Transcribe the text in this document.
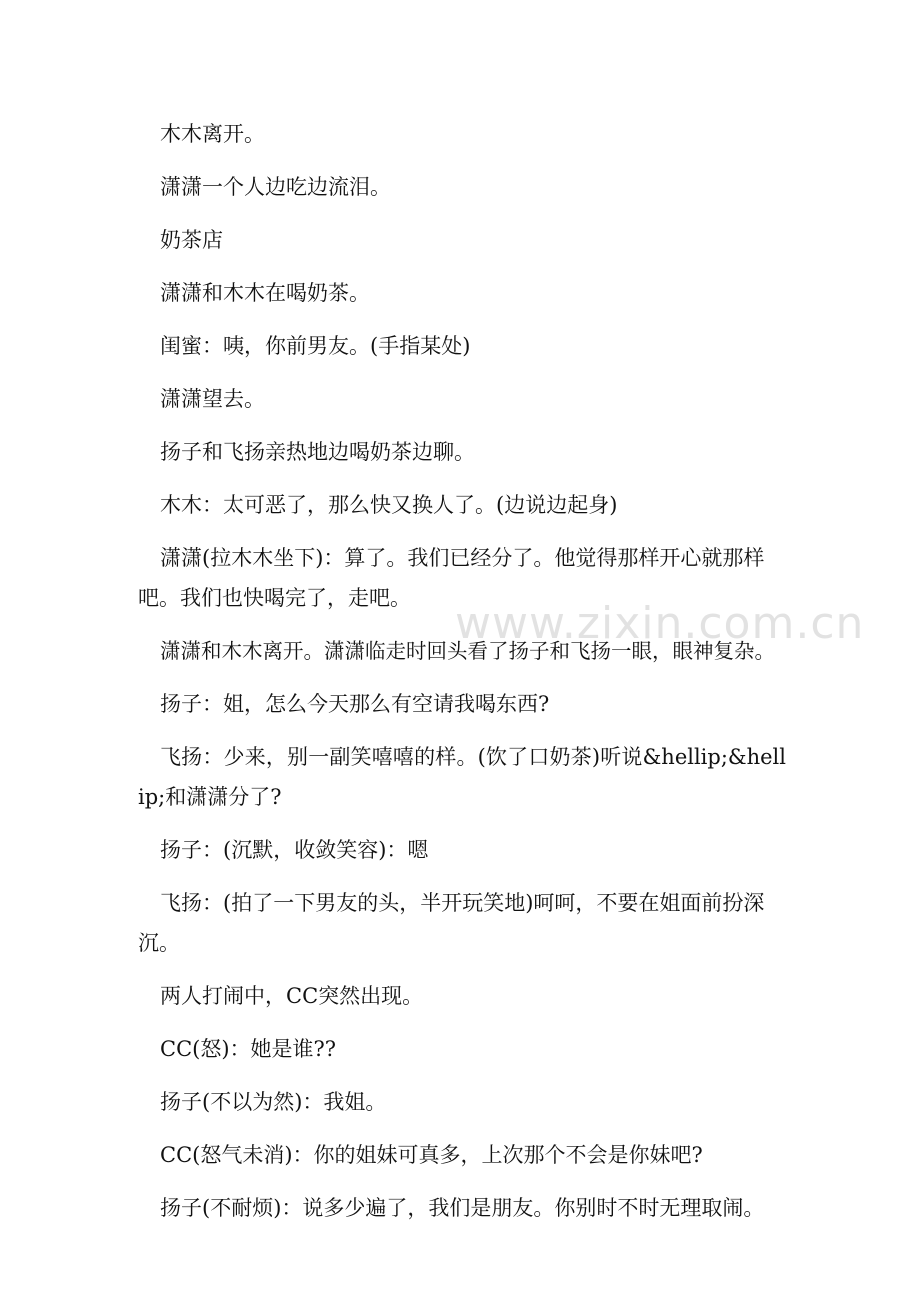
木木离开。

潇潇一个人边吃边流泪。

奶茶店

潇潇和木木在喝奶茶。

闺蜜：咦，你前男友。(手指某处)

潇潇望去。

扬子和飞扬亲热地边喝奶茶边聊。

木木：太可恶了，那么快又换人了。(边说边起身)

潇潇(拉木木坐下)：算了。我们已经分了。他觉得那样开心就那样吧。我们也快喝完了，走吧。

潇潇和木木离开。潇潇临走时回头看了扬子和飞扬一眼，眼神复杂。

扬子：姐，怎么今天那么有空请我喝东西?

飞扬：少来，别一副笑嘻嘻的样。(饮了口奶茶)听说&hellip;&hellip;和潇潇分了?

扬子：(沉默，收敛笑容)：嗯

飞扬：(拍了一下男友的头，半开玩笑地)呵呵，不要在姐面前扮深沉。

两人打闹中，CC突然出现。

CC(怒)：她是谁??

扬子(不以为然)：我姐。

CC(怒气未消)：你的姐妹可真多，上次那个不会是你妹吧?

扬子(不耐烦)：说多少遍了，我们是朋友。你别时不时无理取闹。

www.zixin.com.cn
